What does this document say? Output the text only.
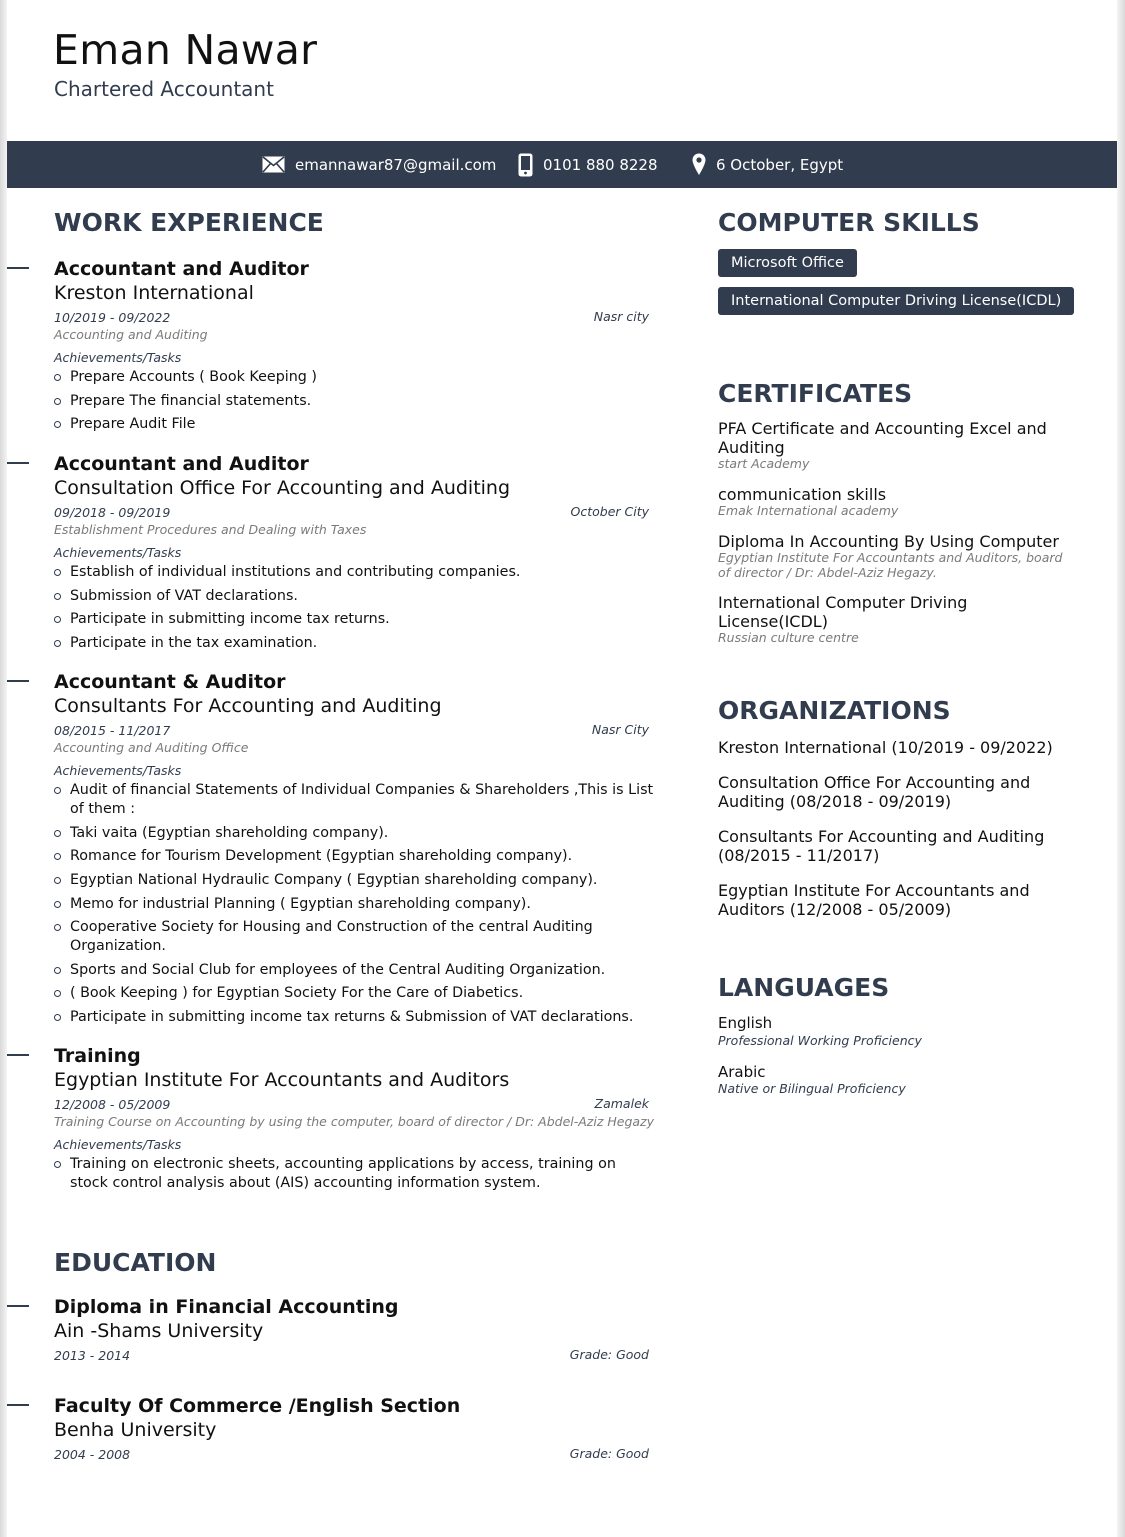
Eman Nawar
Chartered Accountant
emannawar87@gmail.com	0101 880 8228	6 October, Egypt
WORK EXPERIENCE
Accountant and Auditor
Kreston International
10/2019 - 09/2022	Nasr city
Accounting and Auditing
Achievements/Tasks
Prepare Accounts ( Book Keeping )
Prepare The financial statements.
Prepare Audit File
Accountant and Auditor
Consultation Office For Accounting and Auditing
09/2018 - 09/2019	October City
Establishment Procedures and Dealing with Taxes
Achievements/Tasks
Establish of individual institutions and contributing companies.
Submission of VAT declarations.
Participate in submitting income tax returns.
Participate in the tax examination.
Accountant & Auditor
Consultants For Accounting and Auditing
08/2015 - 11/2017	Nasr City
Accounting and Auditing Office
Achievements/Tasks
Audit of financial Statements of Individual Companies & Shareholders ,This is List of them :
Taki vaita (Egyptian shareholding company).
Romance for Tourism Development (Egyptian shareholding company).
Egyptian National Hydraulic Company ( Egyptian shareholding company).
Memo for industrial Planning ( Egyptian shareholding company).
Cooperative Society for Housing and Construction of the central Auditing Organization.
Sports and Social Club for employees of the Central Auditing Organization.
( Book Keeping ) for Egyptian Society For the Care of Diabetics.
Participate in submitting income tax returns & Submission of VAT declarations.
Training
Egyptian Institute For Accountants and Auditors
12/2008 - 05/2009	Zamalek
Training Course on Accounting by using the computer, board of director / Dr: Abdel-Aziz Hegazy
Achievements/Tasks
Training on electronic sheets, accounting applications by access, training on stock control analysis about (AIS) accounting information system.
EDUCATION
Diploma in Financial Accounting
Ain -Shams University
2013 - 2014	Grade: Good
Faculty Of Commerce /English Section
Benha University
2004 - 2008	Grade: Good
COMPUTER SKILLS
Microsoft Office
International Computer Driving License(ICDL)
CERTIFICATES
PFA Certificate and Accounting Excel and Auditing
start Academy
communication skills
Emak International academy
Diploma In Accounting By Using Computer
Egyptian Institute For Accountants and Auditors, board of director / Dr: Abdel-Aziz Hegazy.
International Computer Driving License(ICDL)
Russian culture centre
ORGANIZATIONS
Kreston International (10/2019 - 09/2022)
Consultation Office For Accounting and Auditing (08/2018 - 09/2019)
Consultants For Accounting and Auditing (08/2015 - 11/2017)
Egyptian Institute For Accountants and Auditors (12/2008 - 05/2009)
LANGUAGES
English
Professional Working Proficiency
Arabic
Native or Bilingual Proficiency
